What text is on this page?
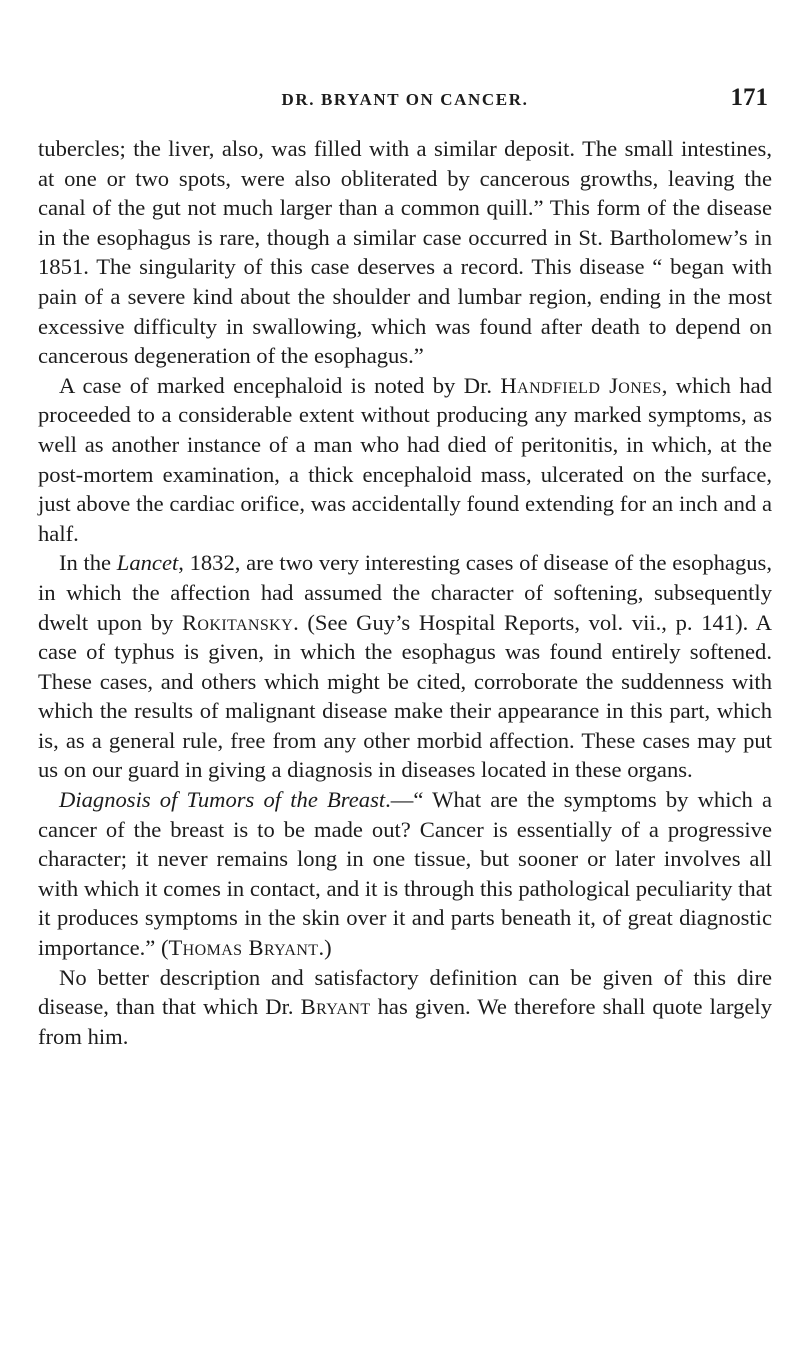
DR. BRYANT ON CANCER.	171

tubercles; the liver, also, was filled with a similar deposit. The small intestines, at one or two spots, were also obliterated by cancerous growths, leaving the canal of the gut not much larger than a common quill.” This form of the disease in the esophagus is rare, though a similar case occurred in St. Bartholomew’s in 1851. The singularity of this case deserves a record. This disease “ began with pain of a severe kind about the shoulder and lumbar region, ending in the most excessive difficulty in swallowing, which was found after death to depend on cancerous degeneration of the esophagus.”

A case of marked encephaloid is noted by Dr. Handfield Jones, which had proceeded to a considerable extent without producing any marked symptoms, as well as another instance of a man who had died of peritonitis, in which, at the post-mortem examination, a thick encephaloid mass, ulcerated on the surface, just above the cardiac orifice, was accidentally found extending for an inch and a half.

In the Lancet, 1832, are two very interesting cases of disease of the esophagus, in which the affection had assumed the character of softening, subsequently dwelt upon by Rokitansky. (See Guy’s Hospital Reports, vol. vii., p. 141). A case of typhus is given, in which the esophagus was found entirely softened. These cases, and others which might be cited, corroborate the suddenness with which the results of malignant disease make their appearance in this part, which is, as a general rule, free from any other morbid affection. These cases may put us on our guard in giving a diagnosis in diseases located in these organs.

Diagnosis of Tumors of the Breast.—“ What are the symptoms by which a cancer of the breast is to be made out? Cancer is essentially of a progressive character; it never remains long in one tissue, but sooner or later involves all with which it comes in contact, and it is through this pathological peculiarity that it produces symptoms in the skin over it and parts beneath it, of great diagnostic importance.” (Thomas Bryant.)

No better description and satisfactory definition can be given of this dire disease, than that which Dr. Bryant has given. We therefore shall quote largely from him.
